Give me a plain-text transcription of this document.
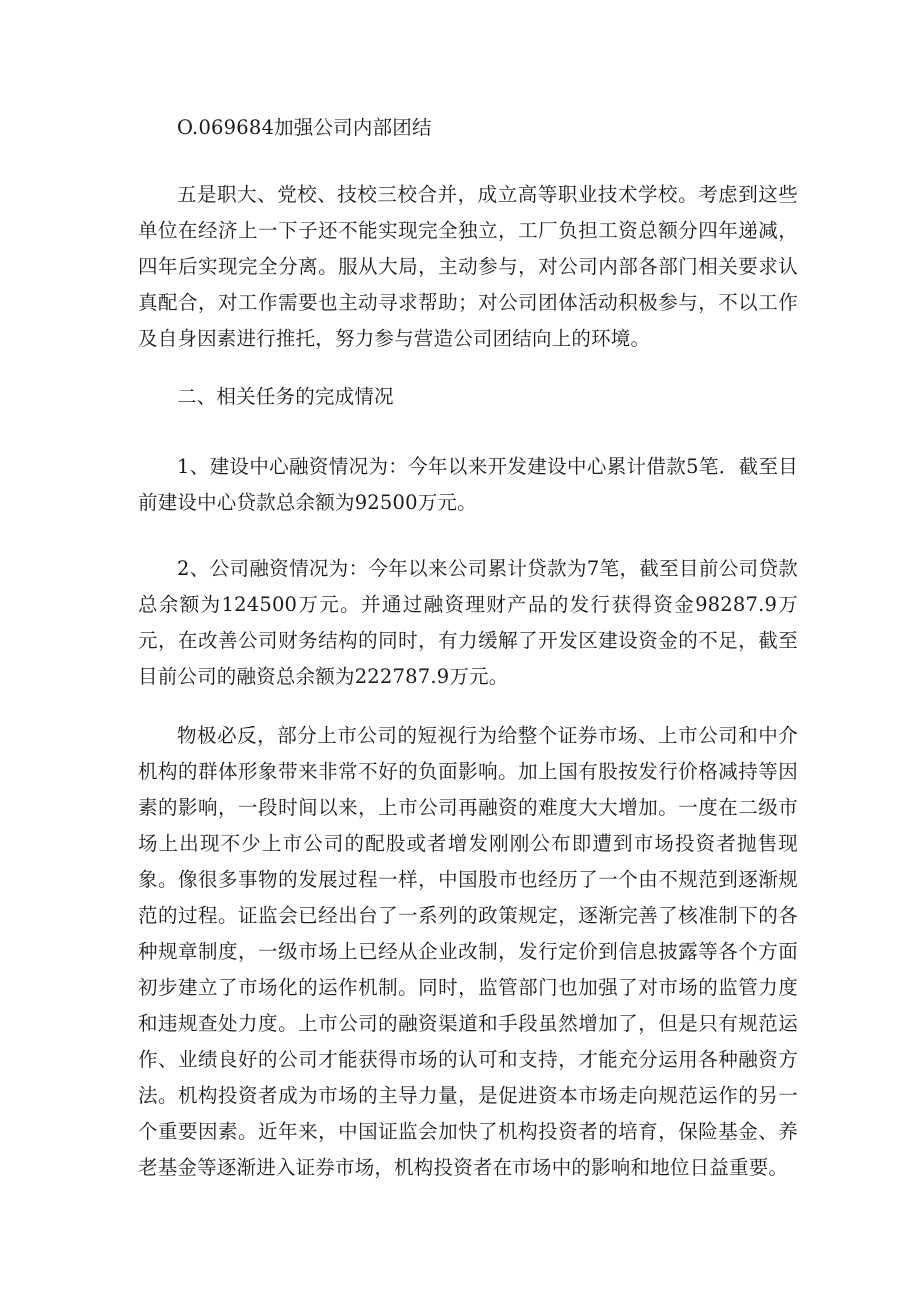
O.069684加强公司内部团结
五是职大、党校、技校三校合并，成立高等职业技术学校。考虑到这些单位在经济上一下子还不能实现完全独立，工厂负担工资总额分四年递减，四年后实现完全分离。服从大局，主动参与，对公司内部各部门相关要求认真配合，对工作需要也主动寻求帮助；对公司团体活动积极参与，不以工作及自身因素进行推托，努力参与营造公司团结向上的环境。
二、相关任务的完成情况
1、建设中心融资情况为：今年以来开发建设中心累计借款5笔．截至目前建设中心贷款总余额为92500万元。
2、公司融资情况为：今年以来公司累计贷款为7笔，截至目前公司贷款总余额为124500万元。并通过融资理财产品的发行获得资金98287.9万元，在改善公司财务结构的同时，有力缓解了开发区建设资金的不足，截至目前公司的融资总余额为222787.9万元。
物极必反，部分上市公司的短视行为给整个证券市场、上市公司和中介机构的群体形象带来非常不好的负面影响。加上国有股按发行价格减持等因素的影响，一段时间以来，上市公司再融资的难度大大增加。一度在二级市场上出现不少上市公司的配股或者增发刚刚公布即遭到市场投资者抛售现象。像很多事物的发展过程一样，中国股市也经历了一个由不规范到逐渐规范的过程。证监会已经出台了一系列的政策规定，逐渐完善了核准制下的各种规章制度，一级市场上已经从企业改制，发行定价到信息披露等各个方面初步建立了市场化的运作机制。同时，监管部门也加强了对市场的监管力度和违规查处力度。上市公司的融资渠道和手段虽然增加了，但是只有规范运作、业绩良好的公司才能获得市场的认可和支持，才能充分运用各种融资方法。机构投资者成为市场的主导力量，是促进资本市场走向规范运作的另一个重要因素。近年来，中国证监会加快了机构投资者的培育，保险基金、养老基金等逐渐进入证券市场，机构投资者在市场中的影响和地位日益重要。
